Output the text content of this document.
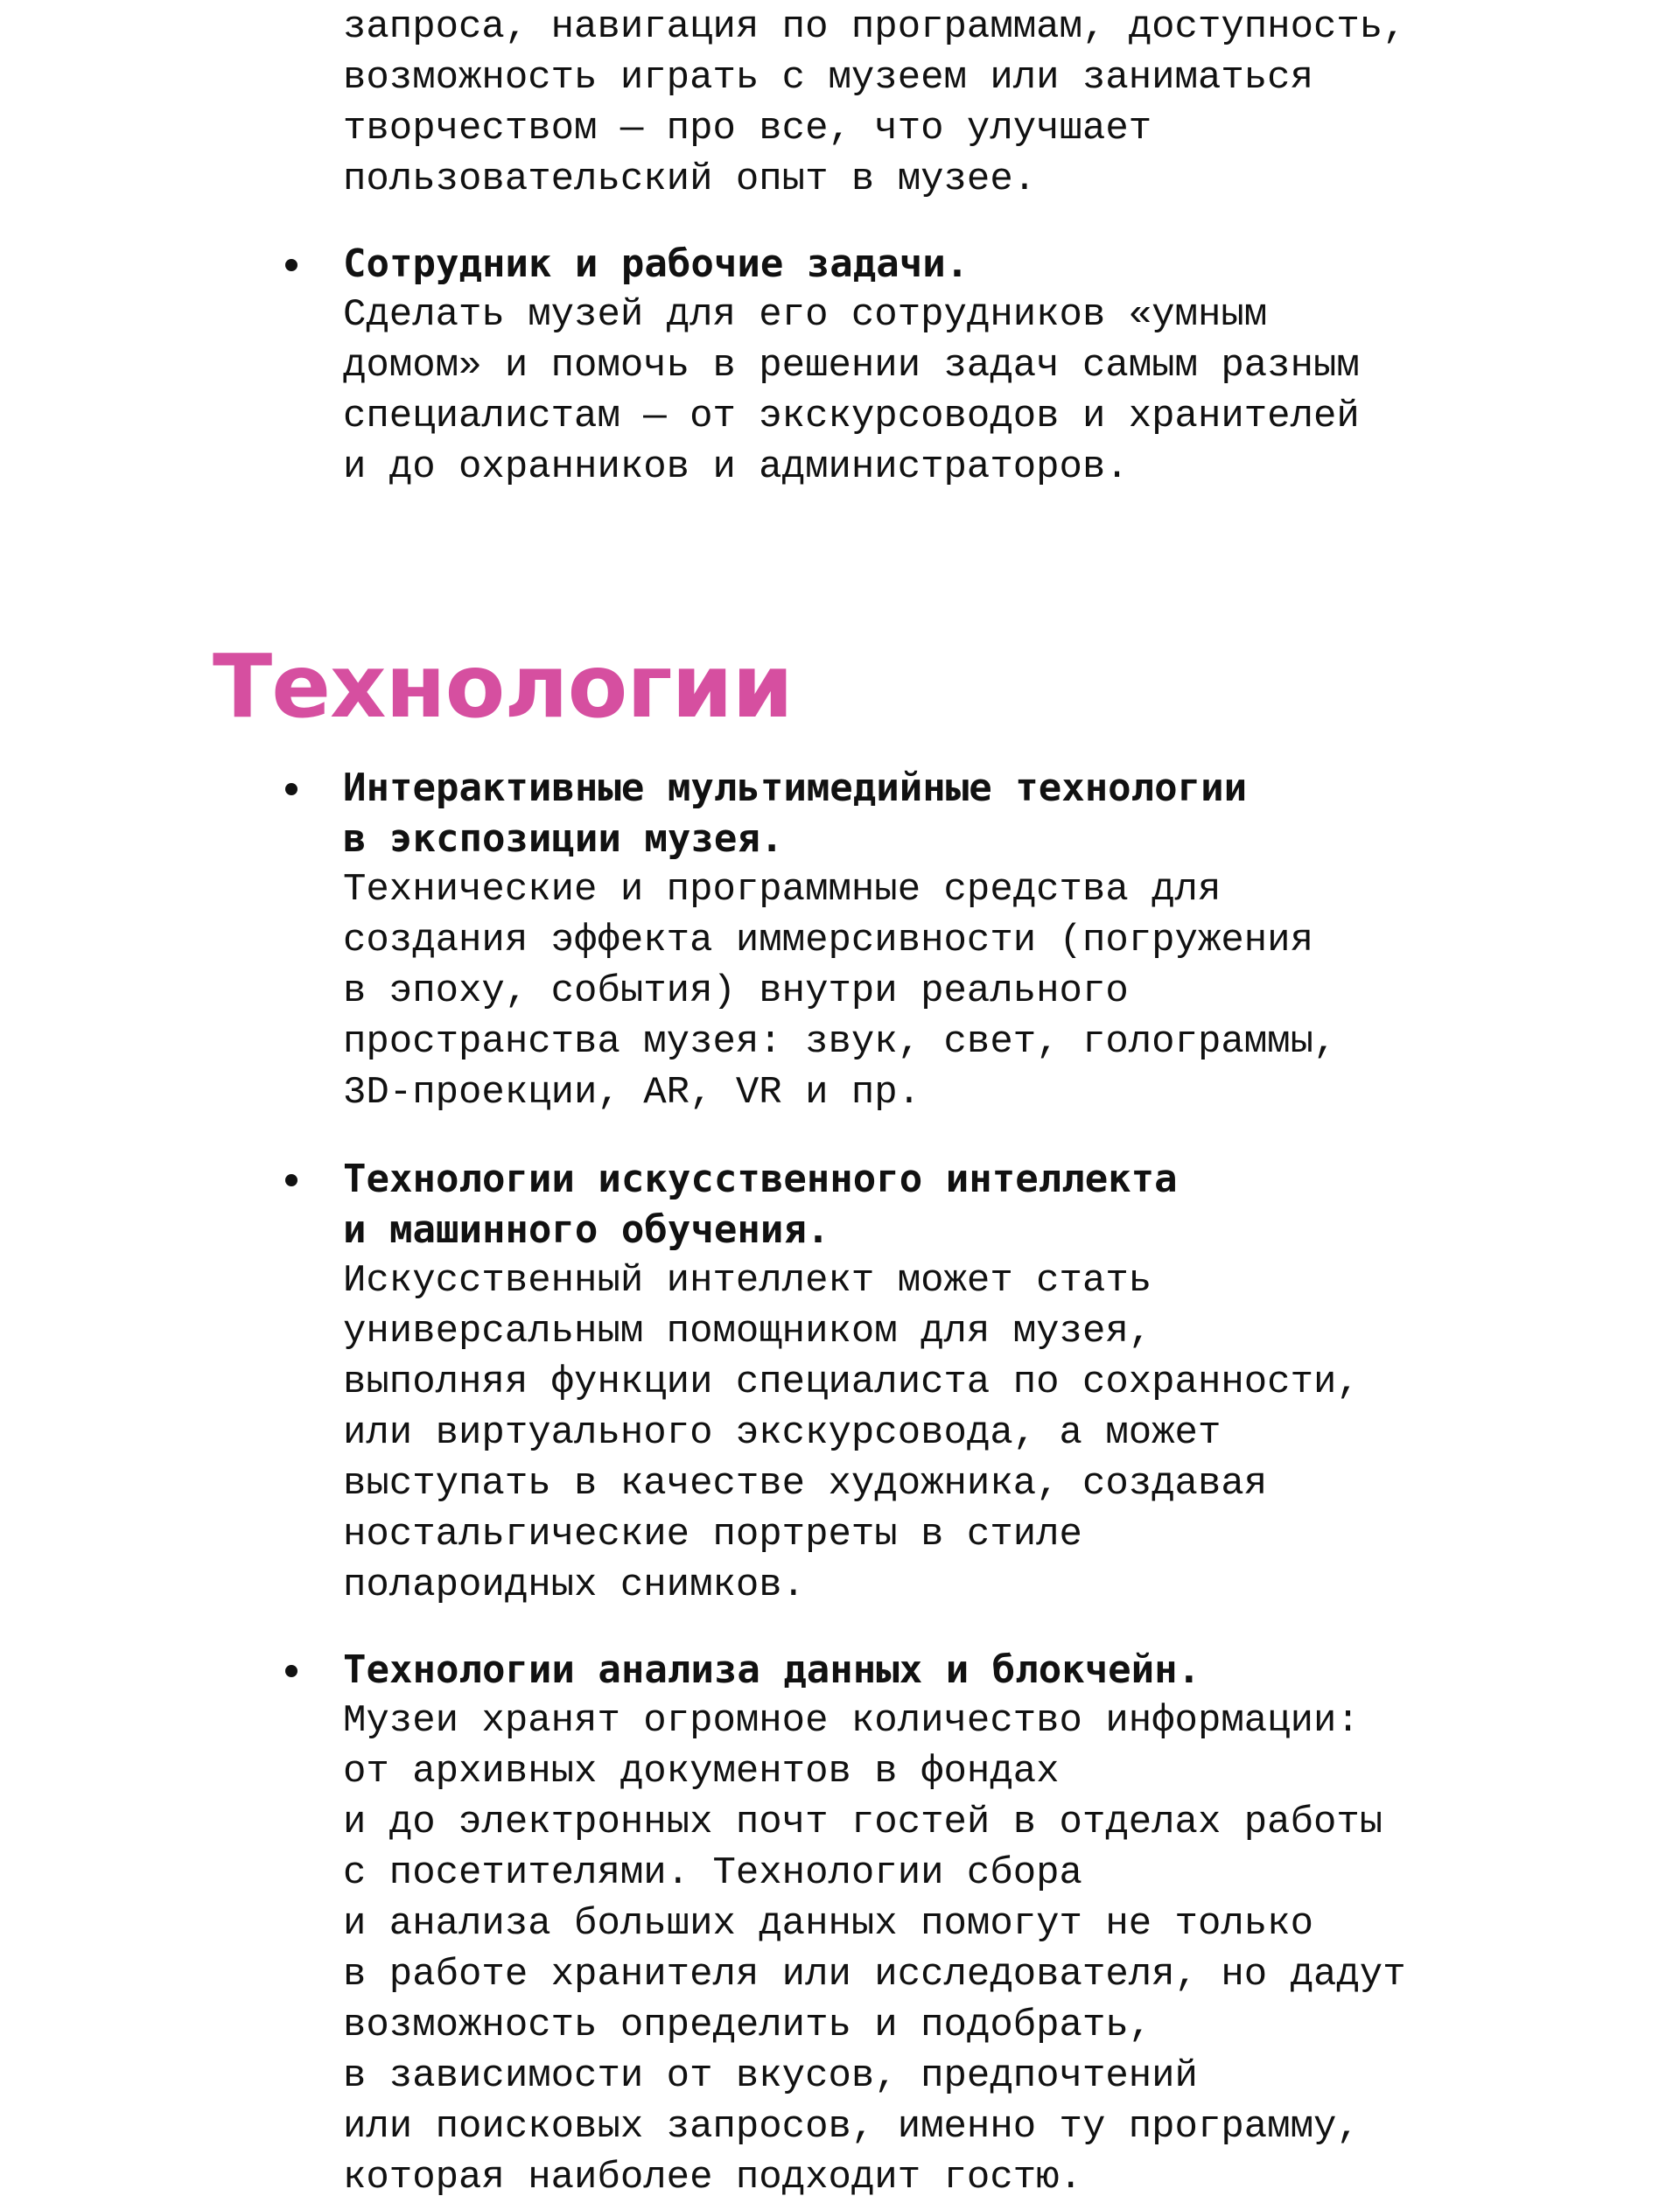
запроса, навигация по программам, доступность,
возможность играть с музеем или заниматься
творчеством — про все, что улучшает
пользовательский опыт в музее.
Сотрудник и рабочие задачи.
Сделать музей для его сотрудников «умным
домом» и помочь в решении задач самым разным
специалистам — от экскурсоводов и хранителей
и до охранников и администраторов.
Технологии
Интерактивные мультимедийные технологии
в экспозиции музея.
Технические и программные средства для
создания эффекта иммерсивности (погружения
в эпоху, события) внутри реального
пространства музея: звук, свет, голограммы,
3D-проекции, AR, VR и пр.
Технологии искусственного интеллекта
и машинного обучения.
Искусственный интеллект может стать
универсальным помощником для музея,
выполняя функции специалиста по сохранности,
или виртуального экскурсовода, а может
выступать в качестве художника, создавая
ностальгические портреты в стиле
поларoидных снимков.
Технологии анализа данных и блокчейн.
Музеи хранят огромное количество информации:
от архивных документов в фондах
и до электронных почт гостей в отделах работы
с посетителями. Технологии сбора
и анализа больших данных помогут не только
в работе хранителя или исследователя, но дадут
возможность определить и подобрать,
в зависимости от вкусов, предпочтений
или поисковых запросов, именно ту программу,
которая наиболее подходит гостю.
